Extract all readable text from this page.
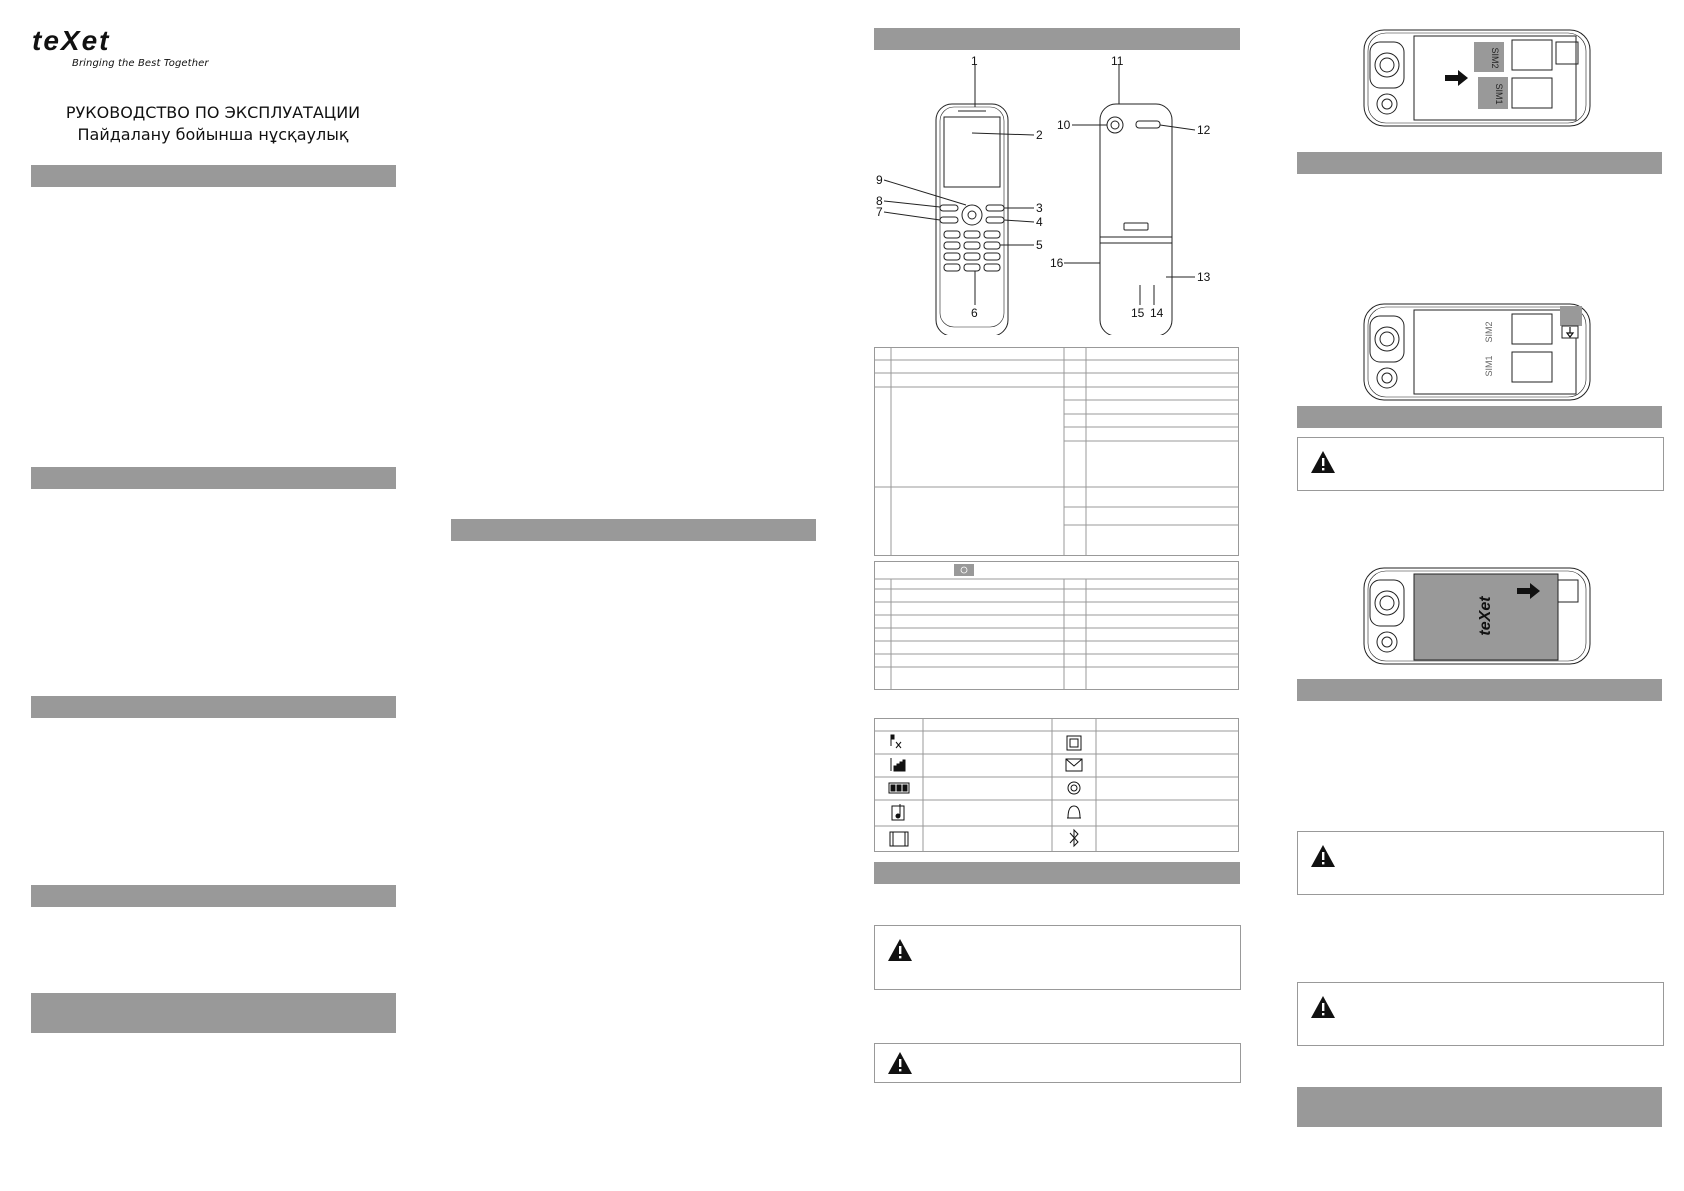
teXet
Bringing the Best Together
РУКОВОДСТВО ПО ЭКСПЛУАТАЦИИ
Пайдалану бойынша нұсқаулық
1
2
3
4
5
6
7
8
9
10
11
12
13
14
15
16
SIM2
SIM1
SIM2
SIM1
teXet
